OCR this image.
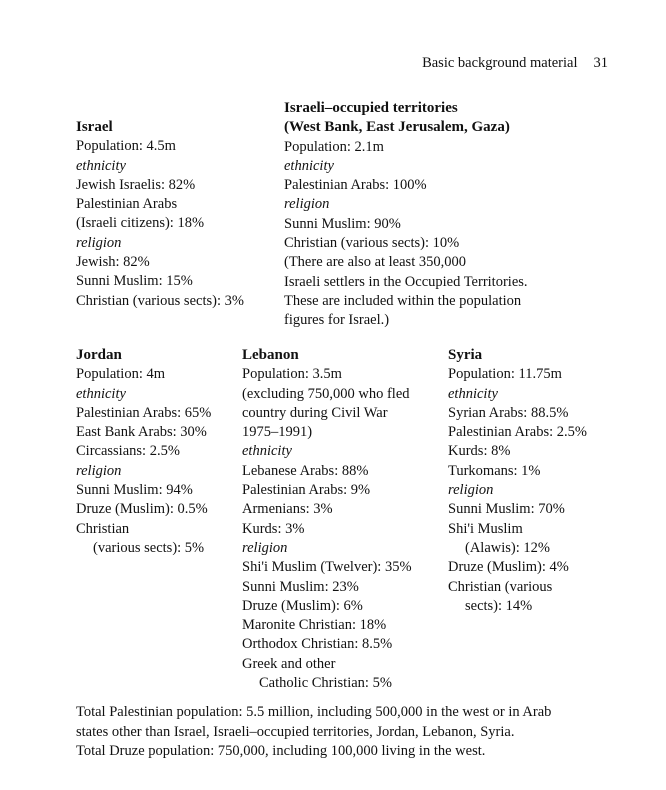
Basic background material 31
Israel
Population: 4.5m
ethnicity
Jewish Israelis: 82%
Palestinian Arabs
(Israeli citizens): 18%
religion
Jewish: 82%
Sunni Muslim: 15%
Christian (various sects): 3%
Israeli–occupied territories
(West Bank, East Jerusalem, Gaza)
Population: 2.1m
ethnicity
Palestinian Arabs: 100%
religion
Sunni Muslim: 90%
Christian (various sects): 10%
(There are also at least 350,000
Israeli settlers in the Occupied Territories.
These are included within the population
figures for Israel.)
Jordan
Population: 4m
ethnicity
Palestinian Arabs: 65%
East Bank Arabs: 30%
Circassians: 2.5%
religion
Sunni Muslim: 94%
Druze (Muslim): 0.5%
Christian
(various sects): 5%
Lebanon
Population: 3.5m
(excluding 750,000 who fled
country during Civil War
1975–1991)
ethnicity
Lebanese Arabs: 88%
Palestinian Arabs: 9%
Armenians: 3%
Kurds: 3%
religion
Shi'i Muslim (Twelver): 35%
Sunni Muslim: 23%
Druze (Muslim): 6%
Maronite Christian: 18%
Orthodox Christian: 8.5%
Greek and other
Catholic Christian: 5%
Syria
Population: 11.75m
ethnicity
Syrian Arabs: 88.5%
Palestinian Arabs: 2.5%
Kurds: 8%
Turkomans: 1%
religion
Sunni Muslim: 70%
Shi'i Muslim
(Alawis): 12%
Druze (Muslim): 4%
Christian (various
sects): 14%
Total Palestinian population: 5.5 million, including 500,000 in the west or in Arab
states other than Israel, Israeli–occupied territories, Jordan, Lebanon, Syria.
Total Druze population: 750,000, including 100,000 living in the west.
